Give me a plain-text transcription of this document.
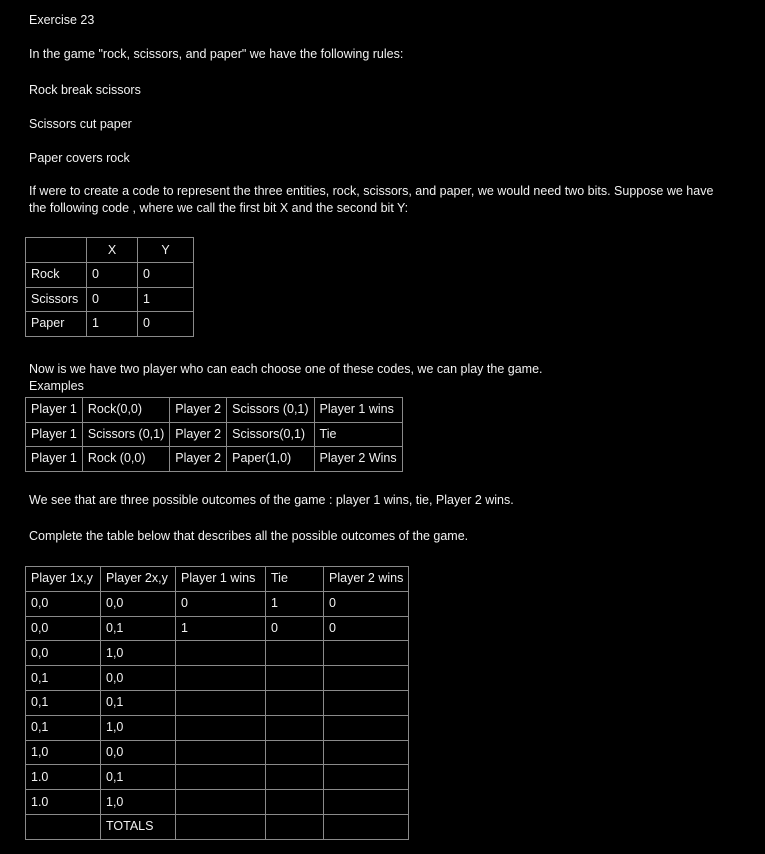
Exercise 23
In the game "rock, scissors, and paper" we have the following rules:
Rock break scissors
Scissors cut paper
Paper covers rock
If were to create a code to represent the three entities, rock, scissors, and paper, we would need two bits. Suppose we have the following code , where we call the first bit X and the second bit Y:
	X	Y
Rock	0	0
Scissors	0	1
Paper	1	0
Now is we have two player who can each choose one of these codes, we can play the game.
Examples
Player 1	Rock(0,0)	Player 2	Scissors (0,1)	Player 1 wins
Player 1	Scissors (0,1)	Player 2	Scissors(0,1)	Tie
Player 1	Rock (0,0)	Player 2	Paper(1,0)	Player 2 Wins
We see that are three possible outcomes of the game : player 1 wins, tie, Player 2 wins.
Complete the table below that describes all the possible outcomes of the game.
Player 1x,y	Player 2x,y	Player 1 wins	Tie	Player 2 wins
0,0	0,0	0	1	0
0,0	0,1	1	0	0
0,0	1,0			
0,1	0,0			
0,1	0,1			
0,1	1,0			
1,0	0,0			
1.0	0,1			
1.0	1,0			
	TOTALS			
